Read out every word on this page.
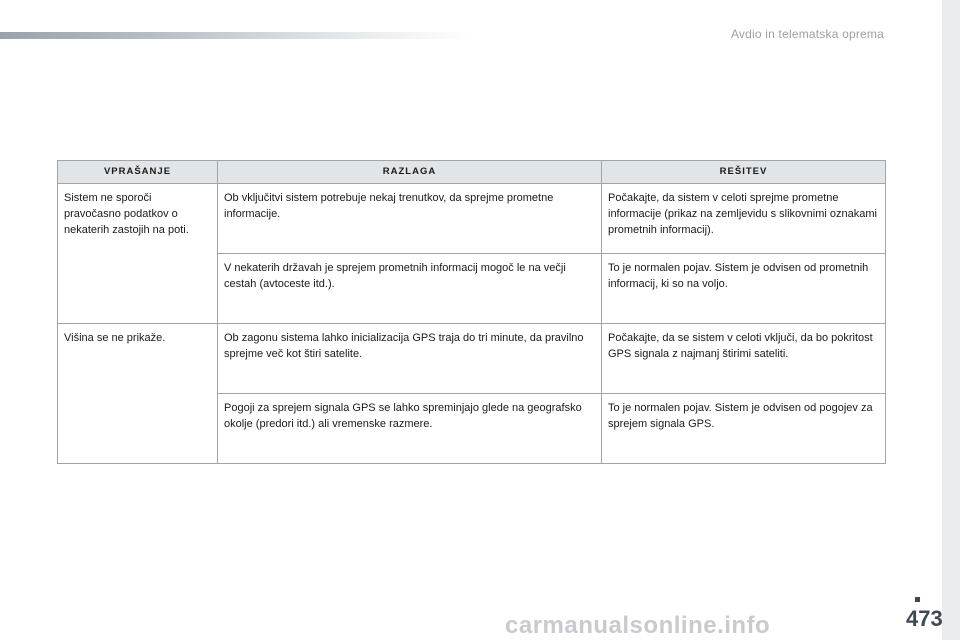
Avdio in telematska oprema
VPRAŠANJE	RAZLAGA	REŠITEV
Sistem ne sporoči pravočasno podatkov o nekaterih zastojih na poti.	Ob vključitvi sistem potrebuje nekaj trenutkov, da sprejme prometne informacije.	Počakajte, da sistem v celoti sprejme prometne informacije (prikaz na zemljevidu s slikovnimi oznakami prometnih informacij).
	V nekaterih državah je sprejem prometnih informacij mogoč le na večji cestah (avtoceste itd.).	To je normalen pojav. Sistem je odvisen od prometnih informacij, ki so na voljo.
Višina se ne prikaže.	Ob zagonu sistema lahko inicializacija GPS traja do tri minute, da pravilno sprejme več kot štiri satelite.	Počakajte, da se sistem v celoti vključi, da bo pokritost GPS signala z najmanj štirimi sateliti.
	Pogoji za sprejem signala GPS se lahko spreminjajo glede na geografsko okolje (predori itd.) ali vremenske razmere.	To je normalen pojav. Sistem je odvisen od pogojev za sprejem signala GPS.
473
carmanualsonline.info
